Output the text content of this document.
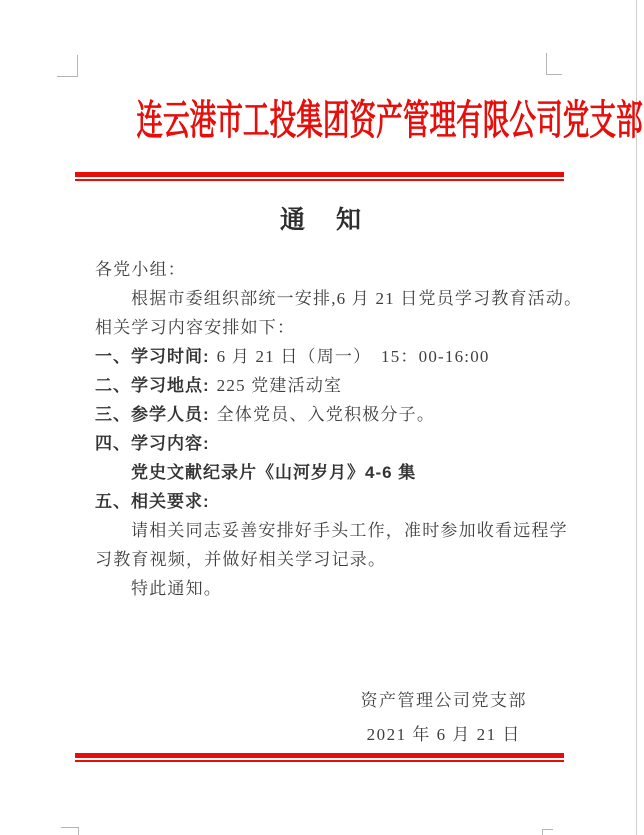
连云港市工投集团资产管理有限公司党支部
通　知
各党小组：
根据市委组织部统一安排,6 月 21 日党员学习教育活动。
相关学习内容安排如下：
一、学习时间: 6 月 21 日（周一）　15：00-16:00
二、学习地点: 225 党建活动室
三、参学人员: 全体党员、入党积极分子。
四、学习内容:
党史文献纪录片《山河岁月》4-6 集
五、相关要求:
请相关同志妥善安排好手头工作，准时参加收看远程学
习教育视频，并做好相关学习记录。
特此通知。
资产管理公司党支部
2021 年 6 月 21 日
